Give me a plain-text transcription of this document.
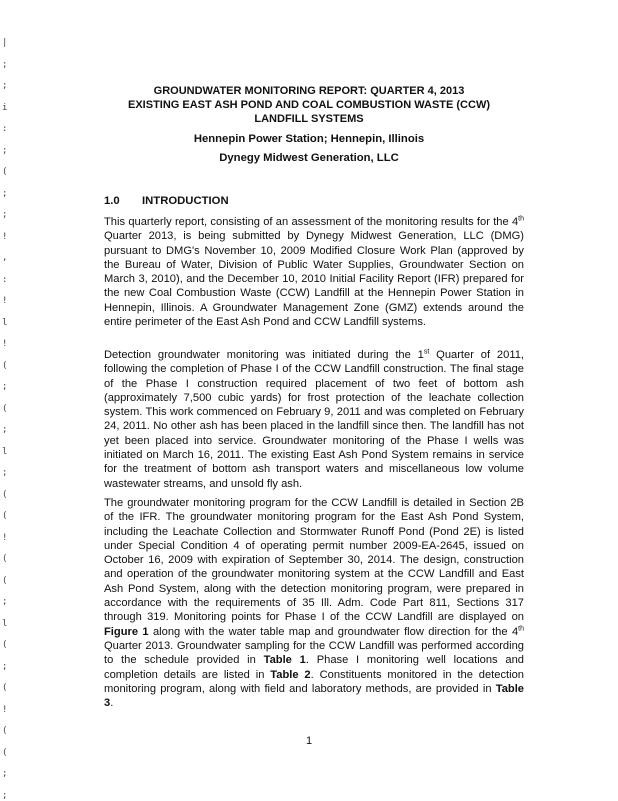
|
;
;
i
:
;
(
;
;
!
,
:
!
l
!
(
;
(
;
l
;
(
(
!
(
(
;
l
(
;
(
!
(
(
;
;
GROUNDWATER MONITORING REPORT: QUARTER 4, 2013
EXISTING EAST ASH POND AND COAL COMBUSTION WASTE (CCW)
LANDFILL SYSTEMS
Hennepin Power Station; Hennepin, Illinois
Dynegy Midwest Generation, LLC
1.0 INTRODUCTION

This quarterly report, consisting of an assessment of the monitoring results for the 4th Quarter 2013, is being submitted by Dynegy Midwest Generation, LLC (DMG) pursuant to DMG's November 10, 2009 Modified Closure Work Plan (approved by the Bureau of Water, Division of Public Water Supplies, Groundwater Section on March 3, 2010), and the December 10, 2010 Initial Facility Report (IFR) prepared for the new Coal Combustion Waste (CCW) Landfill at the Hennepin Power Station in Hennepin, Illinois. A Groundwater Management Zone (GMZ) extends around the entire perimeter of the East Ash Pond and CCW Landfill systems.

Detection groundwater monitoring was initiated during the 1st Quarter of 2011, following the completion of Phase I of the CCW Landfill construction. The final stage of the Phase I construction required placement of two feet of bottom ash (approximately 7,500 cubic yards) for frost protection of the leachate collection system. This work commenced on February 9, 2011 and was completed on February 24, 2011. No other ash has been placed in the landfill since then. The landfill has not yet been placed into service. Groundwater monitoring of the Phase I wells was initiated on March 16, 2011. The existing East Ash Pond System remains in service for the treatment of bottom ash transport waters and miscellaneous low volume wastewater streams, and unsold fly ash.

The groundwater monitoring program for the CCW Landfill is detailed in Section 2B of the IFR. The groundwater monitoring program for the East Ash Pond System, including the Leachate Collection and Stormwater Runoff Pond (Pond 2E) is listed under Special Condition 4 of operating permit number 2009-EA-2645, issued on October 16, 2009 with expiration of September 30, 2014. The design, construction and operation of the groundwater monitoring system at the CCW Landfill and East Ash Pond System, along with the detection monitoring program, were prepared in accordance with the requirements of 35 Ill. Adm. Code Part 811, Sections 317 through 319. Monitoring points for Phase I of the CCW Landfill are displayed on Figure 1 along with the water table map and groundwater flow direction for the 4th Quarter 2013. Groundwater sampling for the CCW Landfill was performed according to the schedule provided in Table 1. Phase I monitoring well locations and completion details are listed in Table 2. Constituents monitored in the detection monitoring program, along with field and laboratory methods, are provided in Table 3.

1
